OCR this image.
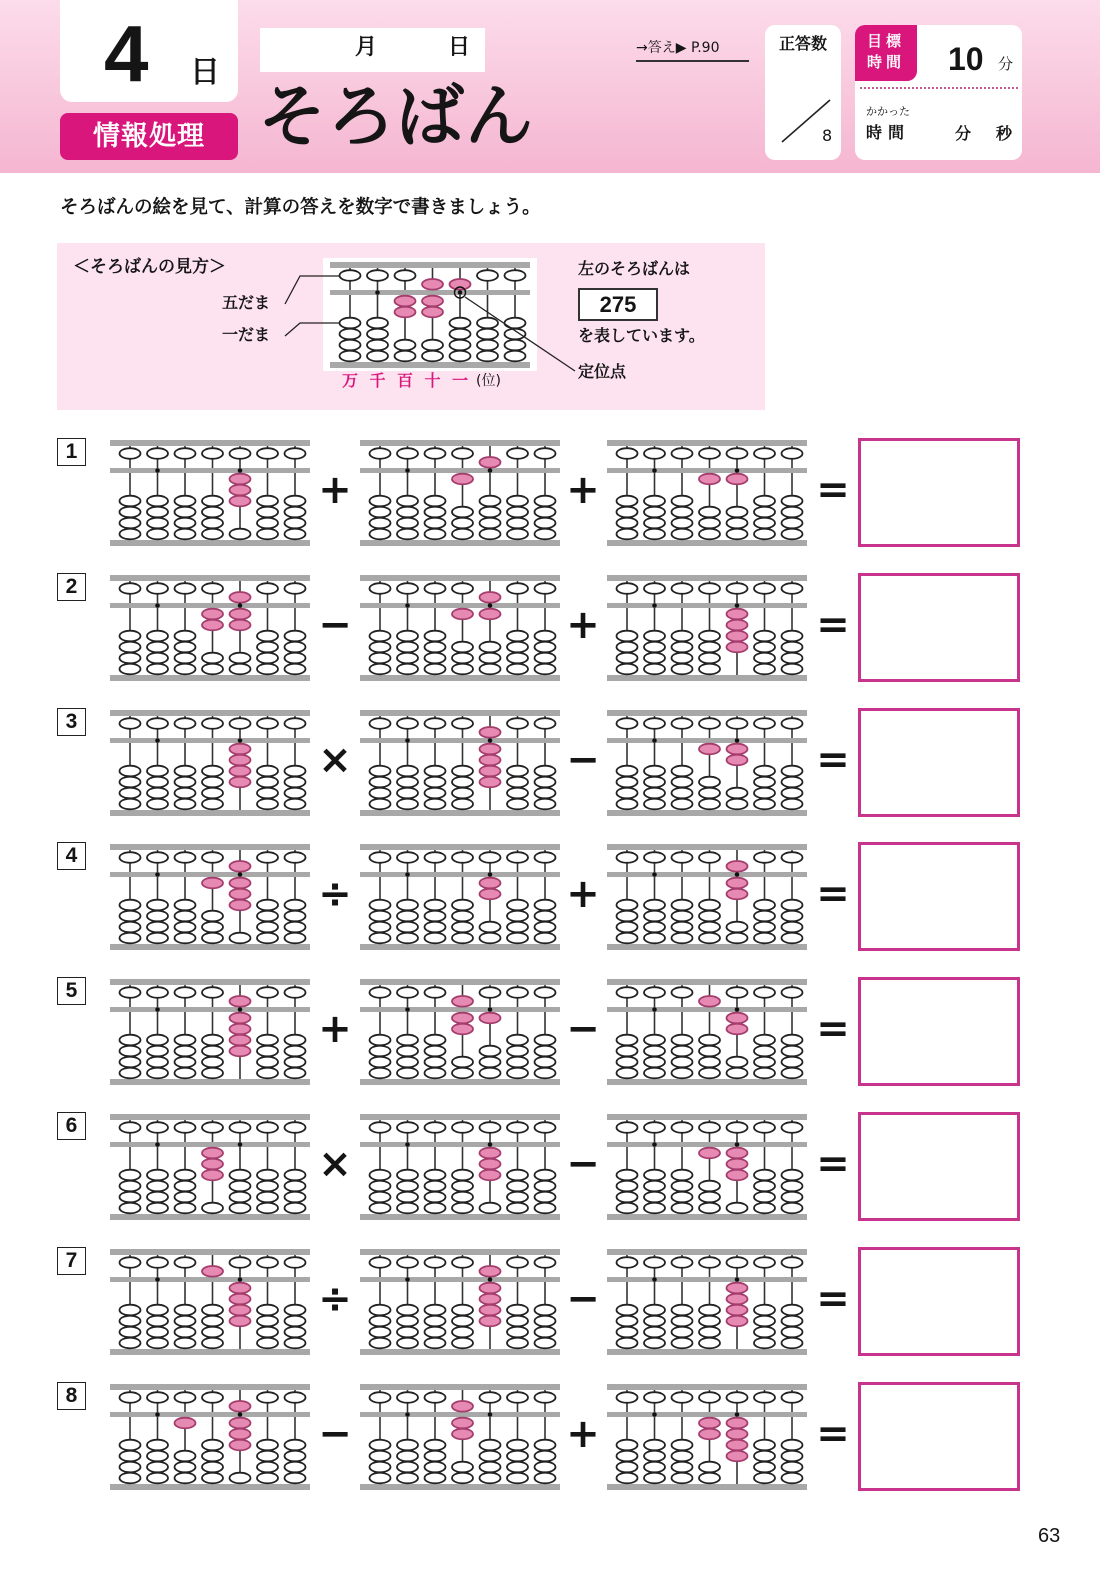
4 日
情報処理 そろばん
月	日	→答え▶ P.90	正答数
8
目標
時間	10 分
かかった
時間	分 秒
そろばんの絵を見て、計算の答えを数字で書きましょう。
＜そろばんの見方＞
五だま
一だま
万 千 百 十 一 (位)
左のそろばんは
275
を表しています。
定位点
1
+	+	=
2
−	+	=
3
×	−	=
4
÷	+	=
5
+	−	=
6
×	−	=
7
÷	−	=
8
−	+	=
63
